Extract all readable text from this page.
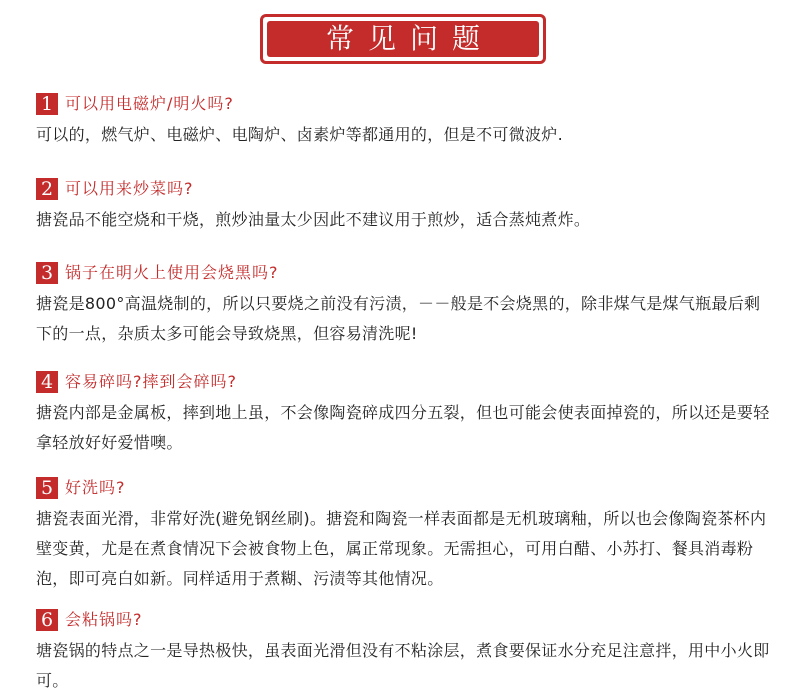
常见问题
1 可以用电磁炉/明火吗?
可以的，燃气炉、电磁炉、电陶炉、卤素炉等都通用的，但是不可微波炉.
2 可以用来炒菜吗?
搪瓷品不能空烧和干烧，煎炒油量太少因此不建议用于煎炒，适合蒸炖煮炸。
3 锅子在明火上使用会烧黑吗?
搪瓷是800°高温烧制的，所以只要烧之前没有污渍，－－般是不会烧黑的，除非煤气是煤气瓶最后剩下的一点，杂质太多可能会导致烧黑，但容易清洗呢!
4 容易碎吗?摔到会碎吗?
搪瓷内部是金属板，摔到地上虽，不会像陶瓷碎成四分五裂，但也可能会使表面掉瓷的，所以还是要轻拿轻放好好爱惜噢。
5 好洗吗?
搪瓷表面光滑，非常好洗(避免钢丝刷)。搪瓷和陶瓷一样表面都是无机玻璃釉，所以也会像陶瓷茶杯内壁变黄，尤是在煮食情况下会被食物上色，属正常现象。无需担心，可用白醋、小苏打、餐具消毒粉泡，即可亮白如新。同样适用于煮糊、污渍等其他情况。
6 会粘锅吗?
塘瓷锅的特点之一是导热极快，虽表面光滑但没有不粘涂层，煮食要保证水分充足注意拌，用中小火即可。
